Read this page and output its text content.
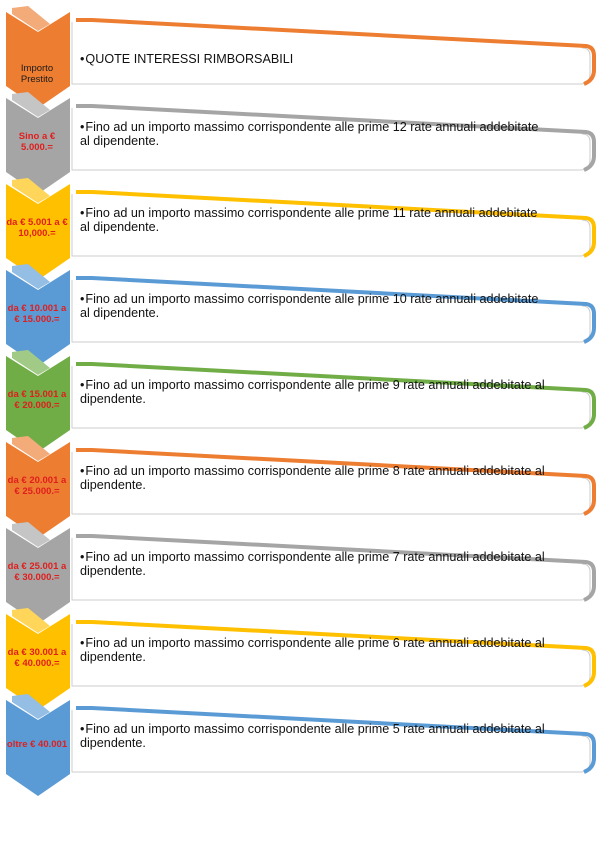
Importo Prestito
•QUOTE INTERESSI RIMBORSABILI
Sino a € 5.000.=
•Fino ad un importo massimo corrispondente alle prime 12 rate annuali addebitate al dipendente.
da € 5.001 a € 10,000.=
•Fino ad un importo massimo corrispondente alle prime 11 rate annuali addebitate al dipendente.
da € 10.001 a € 15.000.=
•Fino ad un importo massimo corrispondente alle prime 10 rate annuali addebitate al dipendente.
da € 15.001 a € 20.000.=
•Fino ad un importo massimo corrispondente alle prime 9 rate annuali addebitate al dipendente.
da € 20.001 a € 25.000.=
•Fino ad un importo massimo corrispondente alle prime 8 rate annuali addebitate al dipendente.
da € 25.001 a € 30.000.=
•Fino ad un importo massimo corrispondente alle prime 7 rate annuali addebitate al dipendente.
da € 30.001 a € 40.000.=
•Fino ad un importo massimo corrispondente alle prime 6 rate annuali addebitate al dipendente.
oltre € 40.001
•Fino ad un importo massimo corrispondente alle prime 5 rate annuali addebitate al dipendente.
